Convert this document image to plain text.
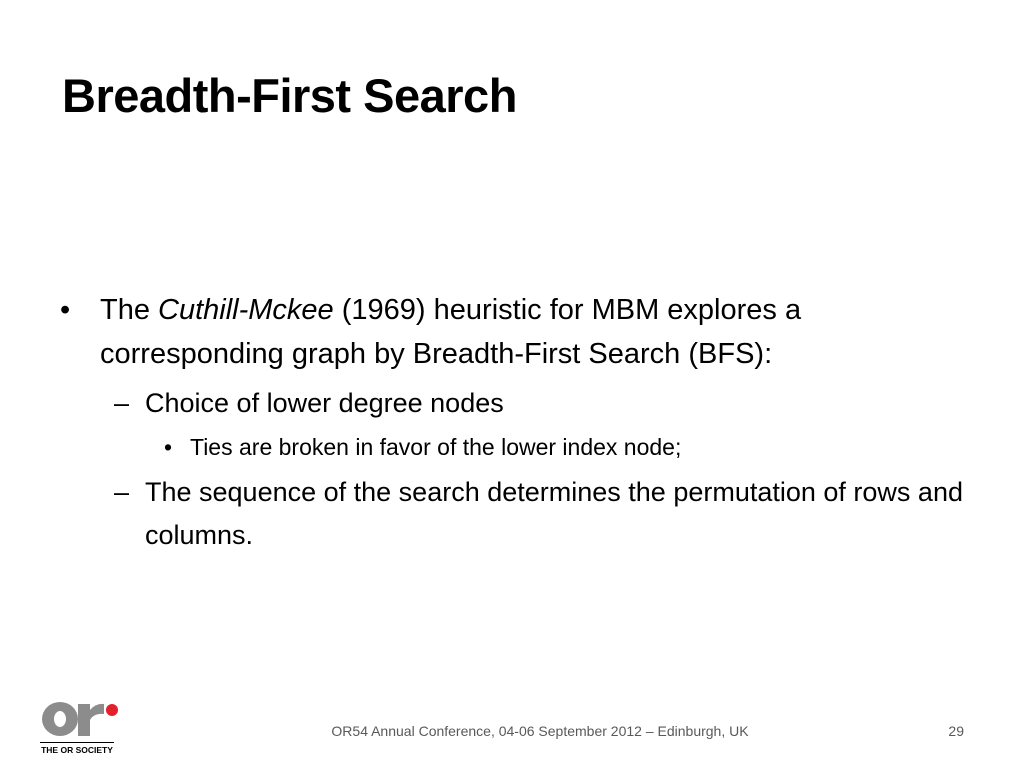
Breadth-First Search
• The Cuthill-Mckee (1969) heuristic for MBM explores a corresponding graph by Breadth-First Search (BFS):
– Choice of lower degree nodes
• Ties are broken in favor of the lower index node;
– The sequence of the search determines the permutation of rows and columns.
THE OR SOCIETY
OR54 Annual Conference, 04-06 September 2012 – Edinburgh, UK	29
